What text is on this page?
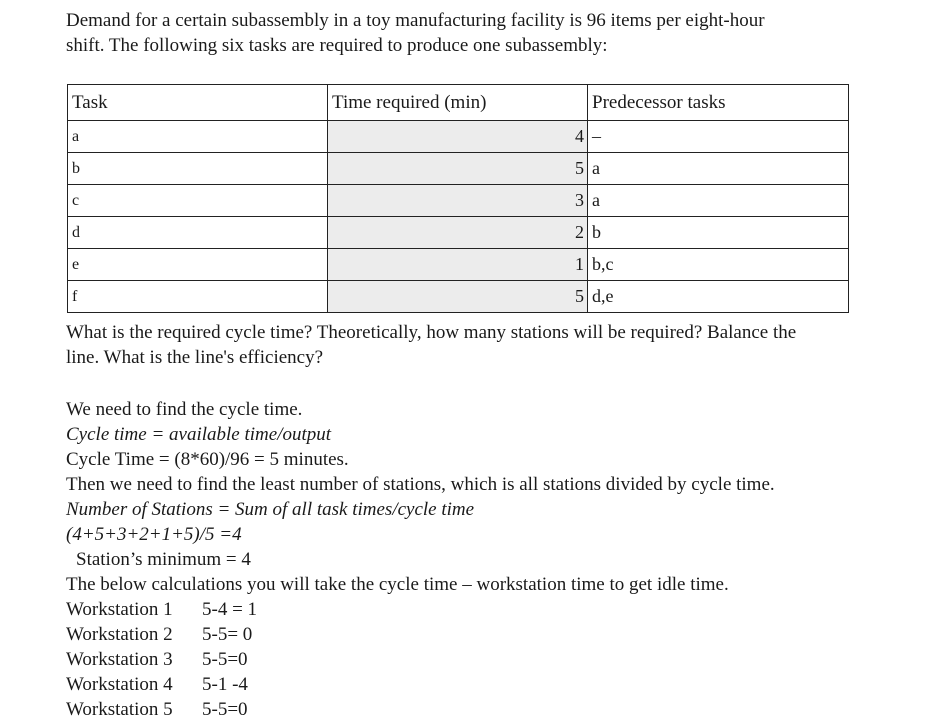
Demand for a certain subassembly in a toy manufacturing facility is 96 items per eight-hour
shift. The following six tasks are required to produce one subassembly:
Task	Time required (min)	Predecessor tasks
a	4	–
b	5	a
c	3	a
d	2	b
e	1	b,c
f	5	d,e
What is the required cycle time? Theoretically, how many stations will be required? Balance the
line. What is the line's efficiency?
We need to find the cycle time.
Cycle time = available time/output
Cycle Time = (8*60)/96 = 5 minutes.
Then we need to find the least number of stations, which is all stations divided by cycle time.
Number of Stations = Sum of all task times/cycle time
(4+5+3+2+1+5)/5 =4
Station’s minimum = 4
The below calculations you will take the cycle time – workstation time to get idle time.
Workstation 1	5-4 = 1
Workstation 2	5-5= 0
Workstation 3	5-5=0
Workstation 4	5-1 -4
Workstation 5	5-5=0
